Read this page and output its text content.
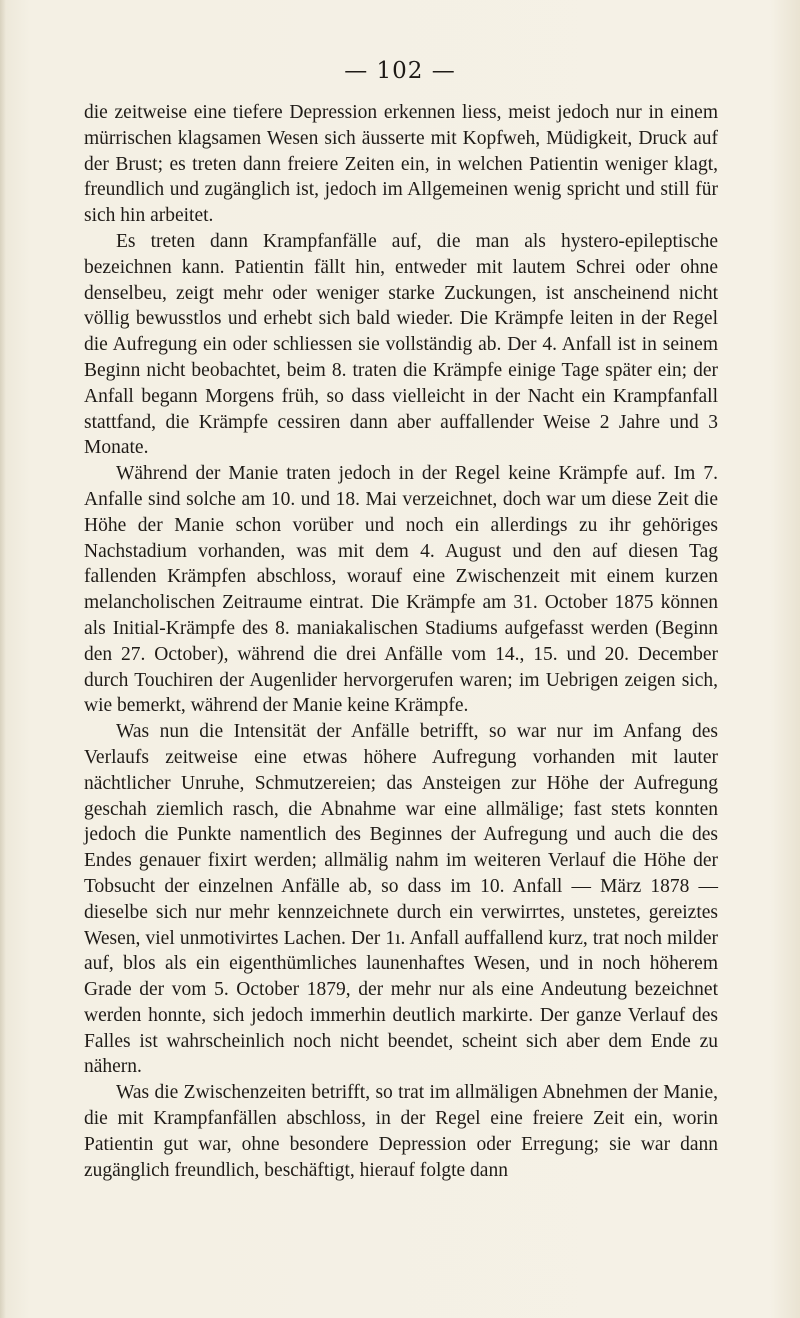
— 102 —

die zeitweise eine tiefere Depression erkennen liess, meist jedoch nur in einem mürrischen klagsamen Wesen sich äusserte mit Kopfweh, Müdigkeit, Druck auf der Brust; es treten dann freiere Zeiten ein, in welchen Patientin weniger klagt, freundlich und zugänglich ist, jedoch im Allgemeinen wenig spricht und still für sich hin arbeitet.

Es treten dann Krampfanfälle auf, die man als hystero-epileptische bezeichnen kann. Patientin fällt hin, entweder mit lautem Schrei oder ohne denselbeu, zeigt mehr oder weniger starke Zuckungen, ist anscheinend nicht völlig bewusstlos und erhebt sich bald wieder. Die Krämpfe leiten in der Regel die Aufregung ein oder schliessen sie vollständig ab. Der 4. Anfall ist in seinem Beginn nicht beobachtet, beim 8. traten die Krämpfe einige Tage später ein; der Anfall begann Morgens früh, so dass vielleicht in der Nacht ein Krampfanfall stattfand, die Krämpfe cessiren dann aber auffallender Weise 2 Jahre und 3 Monate.

Während der Manie traten jedoch in der Regel keine Krämpfe auf. Im 7. Anfalle sind solche am 10. und 18. Mai verzeichnet, doch war um diese Zeit die Höhe der Manie schon vorüber und noch ein allerdings zu ihr gehöriges Nachstadium vorhanden, was mit dem 4. August und den auf diesen Tag fallenden Krämpfen abschloss, worauf eine Zwischenzeit mit einem kurzen melancholischen Zeitraume eintrat. Die Krämpfe am 31. October 1875 können als Initial-Krämpfe des 8. maniakalischen Stadiums aufgefasst werden (Beginn den 27. October), während die drei Anfälle vom 14., 15. und 20. December durch Touchiren der Augenlider hervorgerufen waren; im Uebrigen zeigen sich, wie bemerkt, während der Manie keine Krämpfe.

Was nun die Intensität der Anfälle betrifft, so war nur im Anfang des Verlaufs zeitweise eine etwas höhere Aufregung vorhanden mit lauter nächtlicher Unruhe, Schmutzereien; das Ansteigen zur Höhe der Aufregung geschah ziemlich rasch, die Abnahme war eine allmälige; fast stets konnten jedoch die Punkte namentlich des Beginnes der Aufregung und auch die des Endes genauer fixirt werden; allmälig nahm im weiteren Verlauf die Höhe der Tobsucht der einzelnen Anfälle ab, so dass im 10. Anfall — März 1878 — dieselbe sich nur mehr kennzeichnete durch ein verwirrtes, unstetes, gereiztes Wesen, viel unmotivirtes Lachen. Der 1ı. Anfall auffallend kurz, trat noch milder auf, blos als ein eigenthümliches launenhaftes Wesen, und in noch höherem Grade der vom 5. October 1879, der mehr nur als eine Andeutung bezeichnet werden honnte, sich jedoch immerhin deutlich markirte. Der ganze Verlauf des Falles ist wahrscheinlich noch nicht beendet, scheint sich aber dem Ende zu nähern.

Was die Zwischenzeiten betrifft, so trat im allmäligen Abnehmen der Manie, die mit Krampfanfällen abschloss, in der Regel eine freiere Zeit ein, worin Patientin gut war, ohne besondere Depression oder Erregung; sie war dann zugänglich freundlich, beschäftigt, hierauf folgte dann
